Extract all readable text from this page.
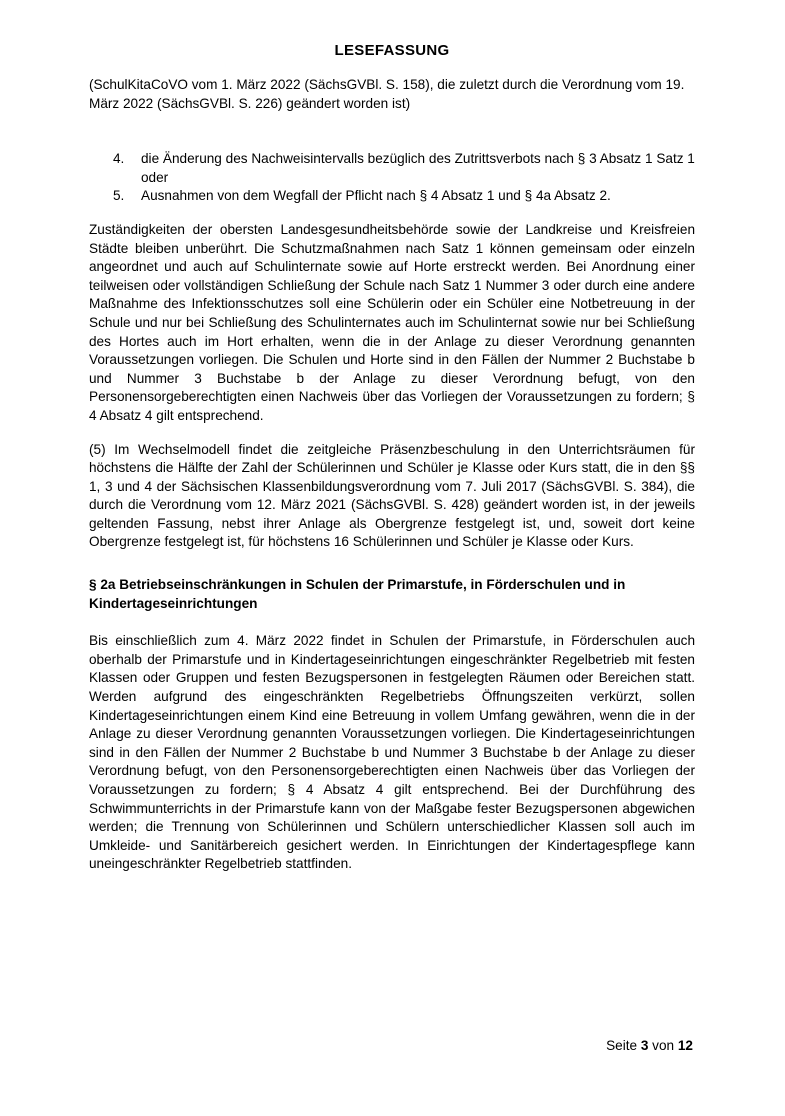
LESEFASSUNG
(SchulKitaCoVO vom 1. März 2022 (SächsGVBl. S. 158), die zuletzt durch die Verordnung vom 19. März 2022 (SächsGVBl. S. 226) geändert worden ist)
4.	die Änderung des Nachweisintervalls bezüglich des Zutrittsverbots nach § 3 Absatz 1 Satz 1 oder
5.	Ausnahmen von dem Wegfall der Pflicht nach § 4 Absatz 1 und § 4a Absatz 2.

Zuständigkeiten der obersten Landesgesundheitsbehörde sowie der Landkreise und Kreisfreien Städte bleiben unberührt. Die Schutzmaßnahmen nach Satz 1 können gemeinsam oder einzeln angeordnet und auch auf Schulinternate sowie auf Horte erstreckt werden. Bei Anordnung einer teilweisen oder vollständigen Schließung der Schule nach Satz 1 Nummer 3 oder durch eine andere Maßnahme des Infektionsschutzes soll eine Schülerin oder ein Schüler eine Notbetreuung in der Schule und nur bei Schließung des Schulinternates auch im Schulinternat sowie nur bei Schließung des Hortes auch im Hort erhalten, wenn die in der Anlage zu dieser Verordnung genannten Voraussetzungen vorliegen. Die Schulen und Horte sind in den Fällen der Nummer 2 Buchstabe b und Nummer 3 Buchstabe b der Anlage zu dieser Verordnung befugt, von den Personensorgeberechtigten einen Nachweis über das Vorliegen der Voraussetzungen zu fordern; § 4 Absatz 4 gilt entsprechend.

(5) Im Wechselmodell findet die zeitgleiche Präsenzbeschulung in den Unterrichtsräumen für höchstens die Hälfte der Zahl der Schülerinnen und Schüler je Klasse oder Kurs statt, die in den §§ 1, 3 und 4 der Sächsischen Klassenbildungsverordnung vom 7. Juli 2017 (SächsGVBl. S. 384), die durch die Verordnung vom 12. März 2021 (SächsGVBl. S. 428) geändert worden ist, in der jeweils geltenden Fassung, nebst ihrer Anlage als Obergrenze festgelegt ist, und, soweit dort keine Obergrenze festgelegt ist, für höchstens 16 Schülerinnen und Schüler je Klasse oder Kurs.

§ 2a Betriebseinschränkungen in Schulen der Primarstufe, in Förderschulen und in Kindertageseinrichtungen

Bis einschließlich zum 4. März 2022 findet in Schulen der Primarstufe, in Förderschulen auch oberhalb der Primarstufe und in Kindertageseinrichtungen eingeschränkter Regelbetrieb mit festen Klassen oder Gruppen und festen Bezugspersonen in festgelegten Räumen oder Bereichen statt. Werden aufgrund des eingeschränkten Regelbetriebs Öffnungszeiten verkürzt, sollen Kindertageseinrichtungen einem Kind eine Betreuung in vollem Umfang gewähren, wenn die in der Anlage zu dieser Verordnung genannten Voraussetzungen vorliegen. Die Kindertageseinrichtungen sind in den Fällen der Nummer 2 Buchstabe b und Nummer 3 Buchstabe b der Anlage zu dieser Verordnung befugt, von den Personensorgeberechtigten einen Nachweis über das Vorliegen der Voraussetzungen zu fordern; § 4 Absatz 4 gilt entsprechend. Bei der Durchführung des Schwimmunterrichts in der Primarstufe kann von der Maßgabe fester Bezugspersonen abgewichen werden; die Trennung von Schülerinnen und Schülern unterschiedlicher Klassen soll auch im Umkleide- und Sanitärbereich gesichert werden. In Einrichtungen der Kindertagespflege kann uneingeschränkter Regelbetrieb stattfinden.

Seite 3 von 12
